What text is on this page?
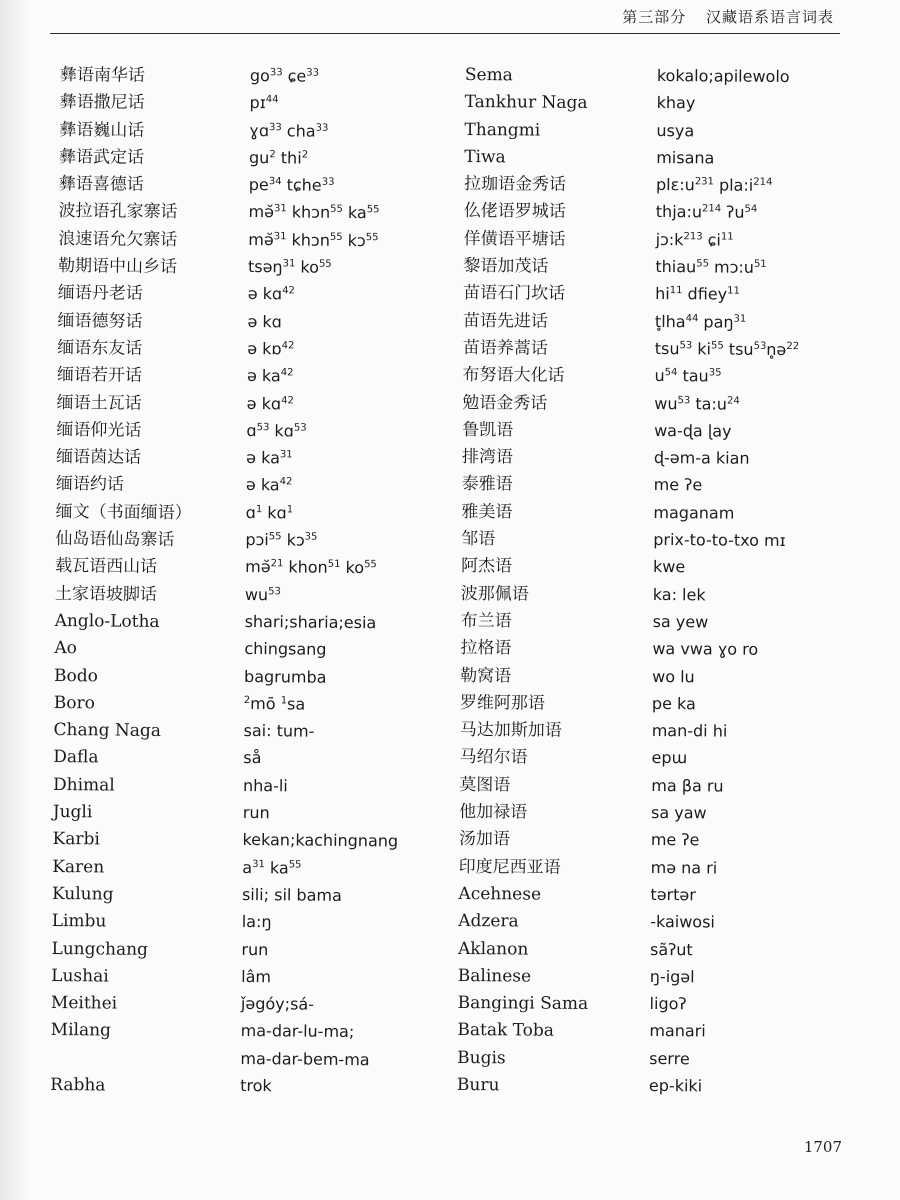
第三部分 汉藏语系语言词表
彝语南华话
彝语撒尼话
彝语巍山话
彝语武定话
彝语喜德话
波拉语孔家寨话
浪速语允欠寨话
勒期语中山乡话
缅语丹老话
缅语德努话
缅语东友话
缅语若开话
缅语土瓦话
缅语仰光话
缅语茵达话
缅语约话
缅文（书面缅语）
仙岛语仙岛寨话
载瓦语西山话
土家语坡脚话
Anglo-Lotha
Ao
Bodo
Boro
Chang Naga
Dafla
Dhimal
Jugli
Karbi
Karen
Kulung
Limbu
Lungchang
Lushai
Meithei
Milang
Rabha
$go^{33}$ ɕe$^{33}$
pɪ$^{44}$
ɣɑ$^{33}$ cha$^{33}$
$gu^2$ thi$^2$
$pe^{34}$ tɕhe$^{33}$
mǝ̆$^{31}$ khɔn$^{55}$ $ka^{55}$
mǝ̆$^{31}$ khɔn$^{55}$ kɔ$^{55}$
tsǝŋ$^{31}$ $ko^{55}$
ǝ kɑ$^{42}$
ǝ kɑ
ǝ kɒ$^{42}$
ǝ $ka^{42}$
ǝ kɑ$^{42}$
ɑ$^{53}$ kɑ$^{53}$
ǝ $ka^{31}$
ǝ $ka^{42}$
ɑ$^1$ kɑ$^1$
pɔi$^{55}$ kɔ$^{35}$
mǝ̆$^{21}$ khon$^{51}$ $ko^{55}$
$wu^{53}$
shari;sharia;esia
chingsang
bagrumba
$^2$mō $^1$sa
sai: tum-
så
nha-li
run
kekan;kachingnang
$a^{31}$ $ka^{55}$
sili; sil bama
la:ŋ
run
lâm
ǰǝgóy;sá-
ma-dar-lu-ma;
ma-dar-bem-ma
trok
Sema
Tankhur Naga
Thangmi
Tiwa
拉珈语金秀话
仫佬语罗城话
佯僙语平塘话
黎语加茂话
苗语石门坎话
苗语先进话
苗语养蒿话
布努语大化话
勉语金秀话
鲁凯语
排湾语
泰雅语
雅美语
邹语
阿杰语
波那佩语
布兰语
拉格语
勒窝语
罗维阿那语
马达加斯加语
马绍尔语
莫图语
他加禄语
汤加语
印度尼西亚语
Acehnese
Adzera
Aklanon
Balinese
Bangingi Sama
Batak Toba
Bugis
Buru
kokalo;apilewolo
khay
usya
misana
$plɛ:u^{231}$ $pla:i^{214}$
$thja:u^{214}$ ʔu$^{54}$
$jɔ:k^{213}$ ɕi$^{11}$
thiau$^{55}$ $mɔ:u^{51}$
$hi^{11}$ dfiey$^{11}$
t̥lha$^{44}$ paŋ$^{31}$
tsu$^{53}$ $ki^{55}$ $tsu^{53}n̥ǝ^{22}$
$u^{54}$ tau$^{35}$
$wu^{53}$ $ta:u^{24}$
wa-ɖa ɭay
ɖ-ǝm-a kian
me ʔe
maganam
prix-to-to-txo mɪ
kwe
ka: lek
sa yew
wa vwa ɣo ro
wo lu
pe ka
man-di hi
epɯ
ma βa ru
sa yaw
me ʔe
mǝ na ri
tǝrtǝr
-kaiwosi
sãʔut
ŋ-igǝl
ligoʔ
manari
serre
ep-kiki
1707
